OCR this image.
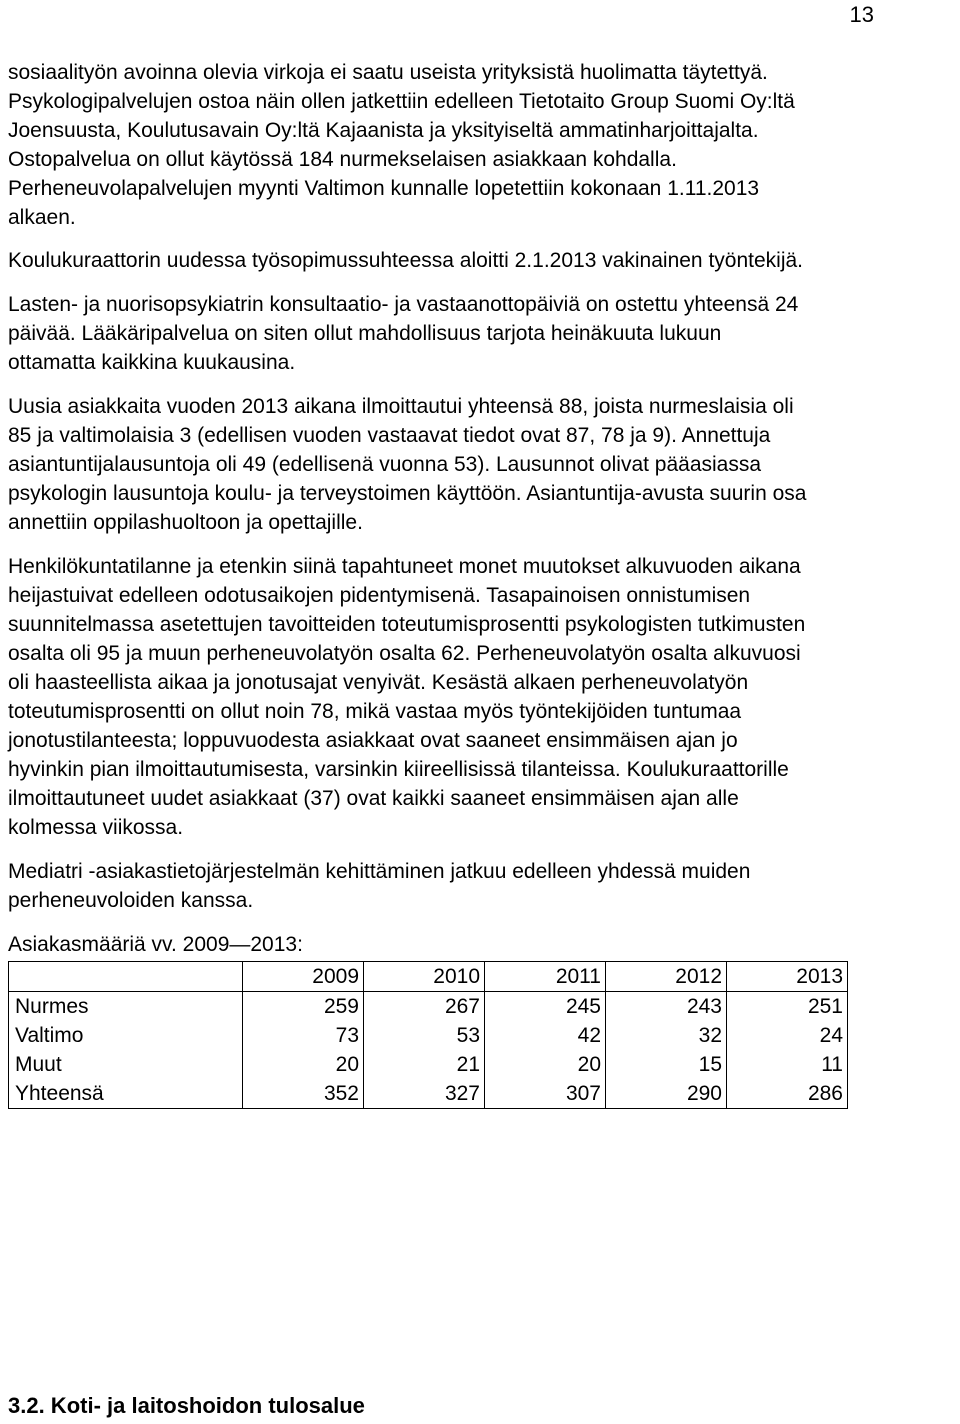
13

sosiaalityön avoinna olevia virkoja ei saatu useista yrityksistä huolimatta täytettyä.
Psykologipalvelujen ostoa näin ollen jatkettiin edelleen Tietotaito Group Suomi Oy:ltä
Joensuusta, Koulutusavain Oy:ltä Kajaanista ja yksityiseltä ammatinharjoittajalta.
Ostopalvelua on ollut käytössä 184 nurmekselaisen asiakkaan kohdalla.
Perheneuvolapalvelujen myynti Valtimon kunnalle lopetettiin kokonaan 1.11.2013
alkaen.

Koulukuraattorin uudessa työsopimussuhteessa aloitti 2.1.2013 vakinainen työntekijä.

Lasten- ja nuorisopsykiatrin konsultaatio- ja vastaanottopäiviä on ostettu yhteensä 24
päivää. Lääkäripalvelua on siten ollut mahdollisuus tarjota heinäkuuta lukuun
ottamatta kaikkina kuukausina.

Uusia asiakkaita vuoden 2013 aikana ilmoittautui yhteensä 88, joista nurmeslaisia oli
85 ja valtimolaisia 3 (edellisen vuoden vastaavat tiedot ovat 87, 78 ja 9). Annettuja
asiantuntijalausuntoja oli 49 (edellisenä vuonna 53). Lausunnot olivat pääasiassa
psykologin lausuntoja koulu- ja terveystoimen käyttöön. Asiantuntija-avusta suurin osa
annettiin oppilashuoltoon ja opettajille.

Henkilökuntatilanne ja etenkin siinä tapahtuneet monet muutokset alkuvuoden aikana
heijastuivat edelleen odotusaikojen pidentymisenä. Tasapainoisen onnistumisen
suunnitelmassa asetettujen tavoitteiden toteutumisprosentti psykologisten tutkimusten
osalta oli 95 ja muun perheneuvolatyön osalta 62. Perheneuvolatyön osalta alkuvuosi
oli haasteellista aikaa ja jonotusajat venyivät. Kesästä alkaen perheneuvolatyön
toteutumisprosentti on ollut noin 78, mikä vastaa myös työntekijöiden tuntumaa
jonotustilanteesta; loppuvuodesta asiakkaat ovat saaneet ensimmäisen ajan jo
hyvinkin pian ilmoittautumisesta, varsinkin kiireellisissä tilanteissa. Koulukuraattorille
ilmoittautuneet uudet asiakkaat (37) ovat kaikki saaneet ensimmäisen ajan alle
kolmessa viikossa.

Mediatri -asiakastietojärjestelmän kehittäminen jatkuu edelleen yhdessä muiden
perheneuvoloiden kanssa.

Asiakasmääriä vv. 2009—2013:

	2009	2010	2011	2012	2013
Nurmes	259	267	245	243	251
Valtimo	73	53	42	32	24
Muut	20	21	20	15	11
Yhteensä	352	327	307	290	286
3.2. Koti- ja laitoshoidon tulosalue
